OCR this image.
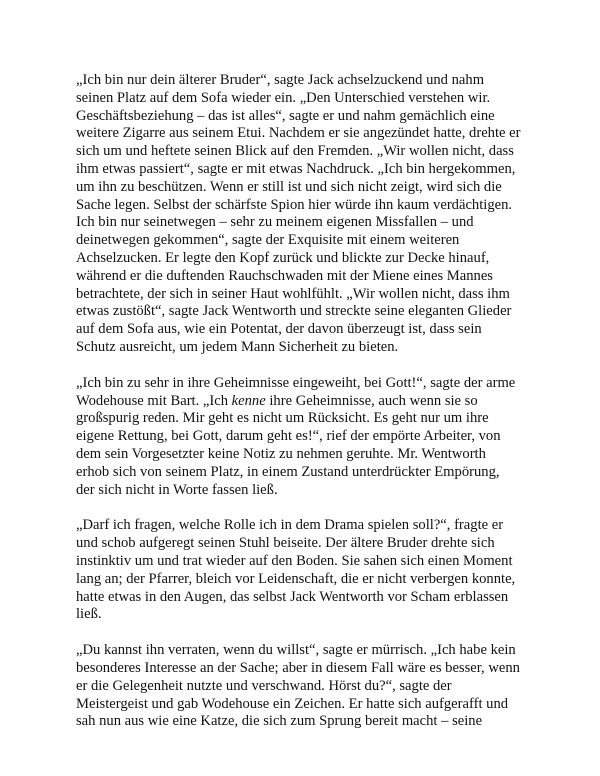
„Ich bin nur dein älterer Bruder“, sagte Jack achselzuckend und nahm
seinen Platz auf dem Sofa wieder ein. „Den Unterschied verstehen wir.
Geschäftsbeziehung – das ist alles“, sagte er und nahm gemächlich eine
weitere Zigarre aus seinem Etui. Nachdem er sie angezündet hatte, drehte er
sich um und heftete seinen Blick auf den Fremden. „Wir wollen nicht, dass
ihm etwas passiert“, sagte er mit etwas Nachdruck. „Ich bin hergekommen,
um ihn zu beschützen. Wenn er still ist und sich nicht zeigt, wird sich die
Sache legen. Selbst der schärfste Spion hier würde ihn kaum verdächtigen.
Ich bin nur seinetwegen – sehr zu meinem eigenen Missfallen – und
deinetwegen gekommen“, sagte der Exquisite mit einem weiteren
Achselzucken. Er legte den Kopf zurück und blickte zur Decke hinauf,
während er die duftenden Rauchschwaden mit der Miene eines Mannes
betrachtete, der sich in seiner Haut wohlfühlt. „Wir wollen nicht, dass ihm
etwas zustößt“, sagte Jack Wentworth und streckte seine eleganten Glieder
auf dem Sofa aus, wie ein Potentat, der davon überzeugt ist, dass sein
Schutz ausreicht, um jedem Mann Sicherheit zu bieten.

„Ich bin zu sehr in ihre Geheimnisse eingeweiht, bei Gott!“, sagte der arme
Wodehouse mit Bart. „Ich kenne ihre Geheimnisse, auch wenn sie so
großspurig reden. Mir geht es nicht um Rücksicht. Es geht nur um ihre
eigene Rettung, bei Gott, darum geht es!“, rief der empörte Arbeiter, von
dem sein Vorgesetzter keine Notiz zu nehmen geruhte. Mr. Wentworth
erhob sich von seinem Platz, in einem Zustand unterdrückter Empörung,
der sich nicht in Worte fassen ließ.

„Darf ich fragen, welche Rolle ich in dem Drama spielen soll?“, fragte er
und schob aufgeregt seinen Stuhl beiseite. Der ältere Bruder drehte sich
instinktiv um und trat wieder auf den Boden. Sie sahen sich einen Moment
lang an; der Pfarrer, bleich vor Leidenschaft, die er nicht verbergen konnte,
hatte etwas in den Augen, das selbst Jack Wentworth vor Scham erblassen
ließ.

„Du kannst ihn verraten, wenn du willst“, sagte er mürrisch. „Ich habe kein
besonderes Interesse an der Sache; aber in diesem Fall wäre es besser, wenn
er die Gelegenheit nutzte und verschwand. Hörst du?“, sagte der
Meistergeist und gab Wodehouse ein Zeichen. Er hatte sich aufgerafft und
sah nun aus wie eine Katze, die sich zum Sprung bereit macht – seine
